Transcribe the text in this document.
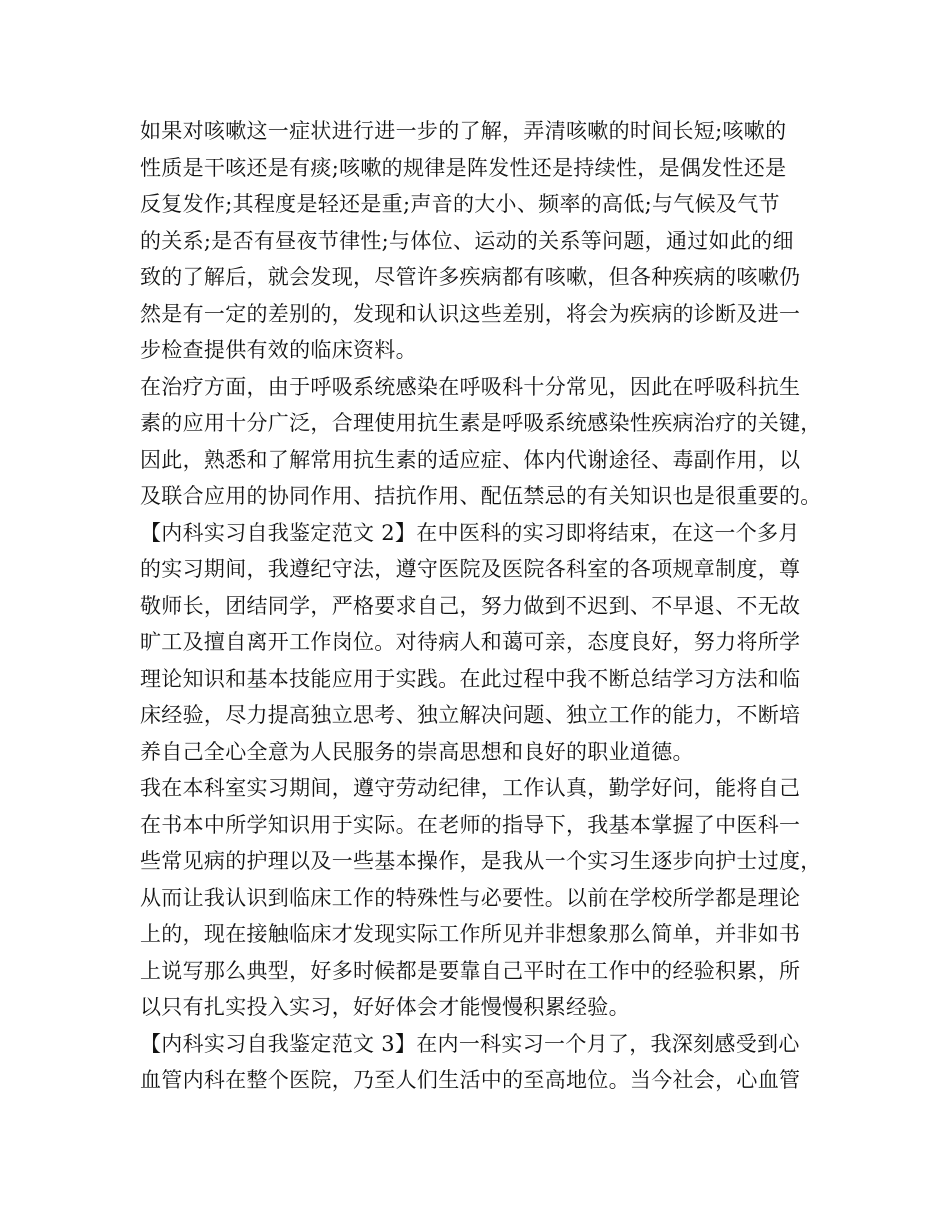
如果对咳嗽这一症状进行进一步的了解，弄清咳嗽的时间长短;咳嗽的
性质是干咳还是有痰;咳嗽的规律是阵发性还是持续性，是偶发性还是
反复发作;其程度是轻还是重;声音的大小、频率的高低;与气候及气节
的关系;是否有昼夜节律性;与体位、运动的关系等问题，通过如此的细
致的了解后，就会发现，尽管许多疾病都有咳嗽，但各种疾病的咳嗽仍
然是有一定的差别的，发现和认识这些差别，将会为疾病的诊断及进一
步检查提供有效的临床资料。
在治疗方面，由于呼吸系统感染在呼吸科十分常见，因此在呼吸科抗生
素的应用十分广泛，合理使用抗生素是呼吸系统感染性疾病治疗的关键，
因此，熟悉和了解常用抗生素的适应症、体内代谢途径、毒副作用，以
及联合应用的协同作用、拮抗作用、配伍禁忌的有关知识也是很重要的。
【内科实习自我鉴定范文 2】在中医科的实习即将结束，在这一个多月
的实习期间，我遵纪守法，遵守医院及医院各科室的各项规章制度，尊
敬师长，团结同学，严格要求自己，努力做到不迟到、不早退、不无故
旷工及擅自离开工作岗位。对待病人和蔼可亲，态度良好，努力将所学
理论知识和基本技能应用于实践。在此过程中我不断总结学习方法和临
床经验，尽力提高独立思考、独立解决问题、独立工作的能力，不断培
养自己全心全意为人民服务的崇高思想和良好的职业道德。
我在本科室实习期间，遵守劳动纪律，工作认真，勤学好问，能将自己
在书本中所学知识用于实际。在老师的指导下，我基本掌握了中医科一
些常见病的护理以及一些基本操作，是我从一个实习生逐步向护士过度，
从而让我认识到临床工作的特殊性与必要性。以前在学校所学都是理论
上的，现在接触临床才发现实际工作所见并非想象那么简单，并非如书
上说写那么典型，好多时候都是要靠自己平时在工作中的经验积累，所
以只有扎实投入实习，好好体会才能慢慢积累经验。
【内科实习自我鉴定范文 3】在内一科实习一个月了，我深刻感受到心
血管内科在整个医院，乃至人们生活中的至高地位。当今社会，心血管
